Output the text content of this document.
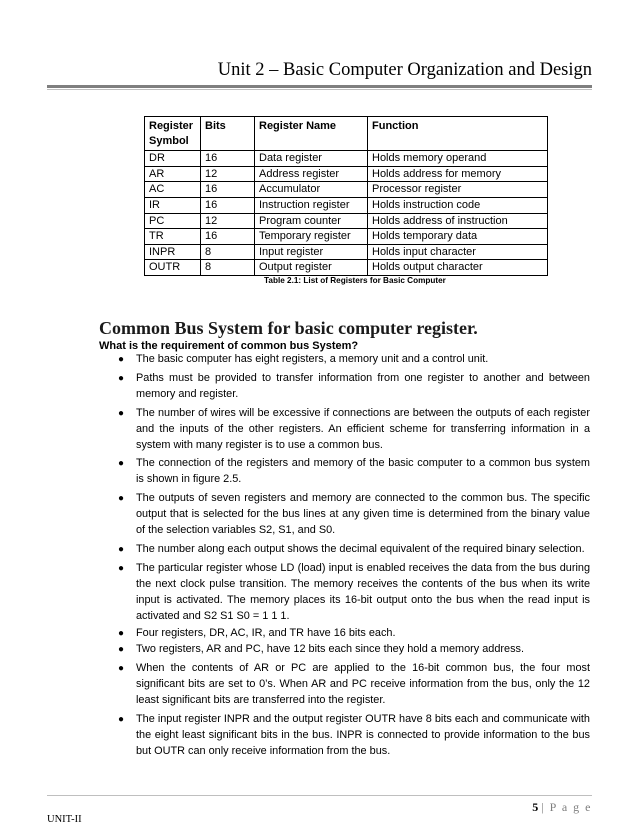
Unit 2 – Basic Computer Organization and Design
Register
Symbol	Bits	Register Name	Function
DR	16	Data register	Holds memory operand
AR	12	Address register	Holds address for memory
AC	16	Accumulator	Processor register
IR	16	Instruction register	Holds instruction code
PC	12	Program counter	Holds address of instruction
TR	16	Temporary register	Holds temporary data
INPR	8	Input register	Holds input character
OUTR	8	Output register	Holds output character
Table 2.1: List of Registers for Basic Computer
Common Bus System for basic computer register.
What is the requirement of common bus System?
● The basic computer has eight registers, a memory unit and a control unit.
● Paths must be provided to transfer information from one register to another and between memory and register.
● The number of wires will be excessive if connections are between the outputs of each register and the inputs of the other registers. An efficient scheme for transferring information in a system with many register is to use a common bus.
● The connection of the registers and memory of the basic computer to a common bus system is shown in figure 2.5.
● The outputs of seven registers and memory are connected to the common bus. The specific output that is selected for the bus lines at any given time is determined from the binary value of the selection variables S2, S1, and S0.
● The number along each output shows the decimal equivalent of the required binary selection.
● The particular register whose LD (load) input is enabled receives the data from the bus during the next clock pulse transition. The memory receives the contents of the bus when its write input is activated. The memory places its 16-bit output onto the bus when the read input is activated and S2 S1 S0 = 1 1 1.
● Four registers, DR, AC, IR, and TR have 16 bits each.
● Two registers, AR and PC, have 12 bits each since they hold a memory address.
● When the contents of AR or PC are applied to the 16-bit common bus, the four most significant bits are set to 0’s. When AR and PC receive information from the bus, only the 12 least significant bits are transferred into the register.
● The input register INPR and the output register OUTR have 8 bits each and communicate with the eight least significant bits in the bus. INPR is connected to provide information to the bus but OUTR can only receive information from the bus.
5 | P a g e
UNIT-II
